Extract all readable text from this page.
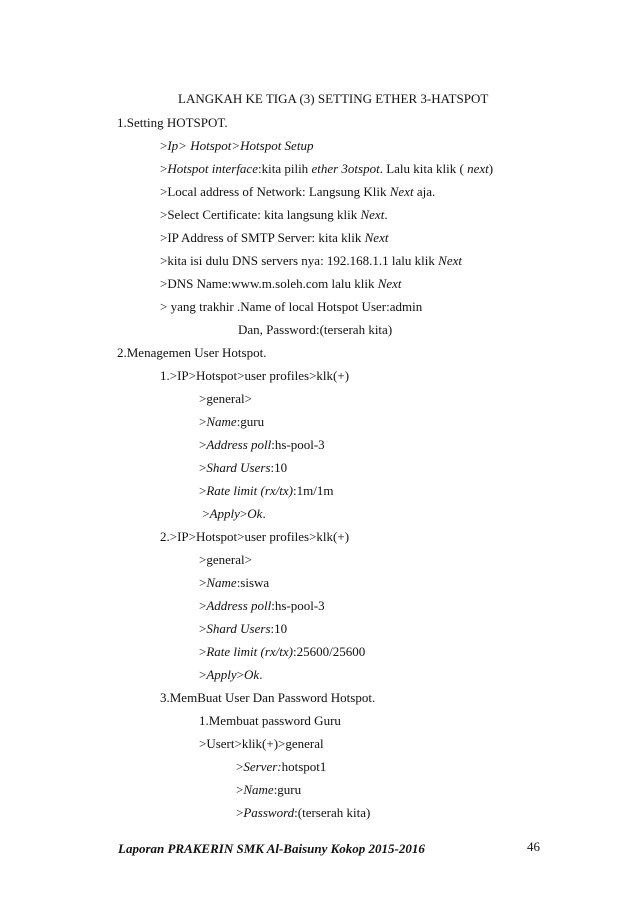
LANGKAH KE TIGA (3) SETTING ETHER 3-HATSPOT
1.Setting HOTSPOT.
>Ip> Hotspot>Hotspot Setup
>Hotspot interface:kita pilih ether 3otspot. Lalu kita klik ( next)
>Local address of Network: Langsung Klik Next aja.
>Select Certificate: kita langsung klik Next.
>IP Address of SMTP Server: kita klik Next
>kita isi dulu DNS servers nya: 192.168.1.1 lalu klik Next
>DNS Name:www.m.soleh.com lalu klik Next
> yang trakhir .Name of local Hotspot User:admin
Dan, Password:(terserah kita)
2.Menagemen User Hotspot.
1.>IP>Hotspot>user profiles>klk(+)
>general>
>Name:guru
>Address poll:hs-pool-3
>Shard Users:10
>Rate limit (rx/tx):1m/1m
>Apply>Ok.
2.>IP>Hotspot>user profiles>klk(+)
>general>
>Name:siswa
>Address poll:hs-pool-3
>Shard Users:10
>Rate limit (rx/tx):25600/25600
>Apply>Ok.
3.MemBuat User Dan Password Hotspot.
1.Membuat password Guru
>Usert>klik(+)>general
>Server:hotspot1
>Name:guru
>Password:(terserah kita)
Laporan PRAKERIN SMK Al-Baisuny Kokop 2015-2016	46
